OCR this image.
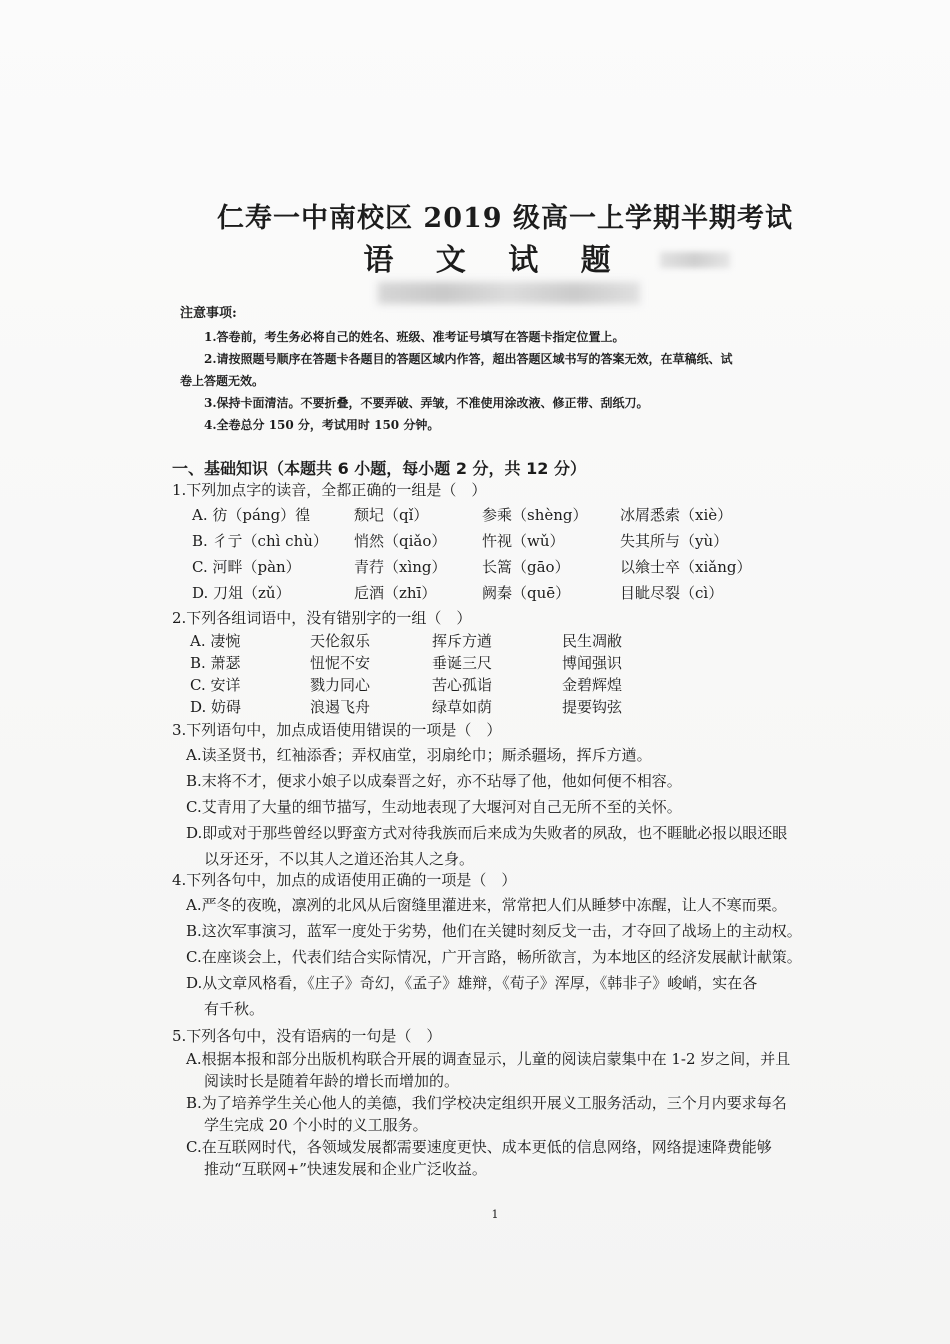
仁寿一中南校区 2019 级高一上学期半期考试
语 文 试 题
注意事项:
1.答卷前，考生务必将自己的姓名、班级、准考证号填写在答题卡指定位置上。
2.请按照题号顺序在答题卡各题目的答题区域内作答，超出答题区域书写的答案无效，在草稿纸、试
卷上答题无效。
3.保持卡面清洁。不要折叠，不要弄破、弄皱，不准使用涂改液、修正带、刮纸刀。
4.全卷总分 150 分，考试用时 150 分钟。
一、基础知识（本题共 6 小题，每小题 2 分，共 12 分）
1.下列加点字的读音，全都正确的一组是（　）
A. 彷（páng）徨	颓圮（qǐ）	参乘（shèng） 冰屑悉索（xiè）
B. 彳亍（chì chù） 悄然（qiǎo） 忤视（wǔ）	失其所与（yù）
C. 河畔（pàn）	青荇（xìng） 长篙（gāo）	以飨士卒（xiǎng）
D. 刀俎（zǔ）	卮酒（zhī）	阙秦（quē）	目眦尽裂（cì）
2.下列各组词语中，没有错别字的一组（　）
A. 凄惋	天伦叙乐	挥斥方遒	民生凋敝
B. 萧瑟	忸怩不安	垂诞三尺	博闻强识
C. 安详	戮力同心	苦心孤诣	金碧辉煌
D. 妨碍	浪遏飞舟	绿草如荫	提要钩弦
3.下列语句中，加点成语使用错误的一项是（　）
A.读圣贤书，红袖添香；弄权庙堂，羽扇纶巾；厮杀疆场，挥斥方遒。
B.末将不才，便求小娘子以成秦晋之好，亦不玷辱了他，他如何便不相容。
C.艾青用了大量的细节描写，生动地表现了大堰河对自己无所不至的关怀。
D.即或对于那些曾经以野蛮方式对待我族而后来成为失败者的夙敌，也不睚眦必报以眼还眼
以牙还牙，不以其人之道还治其人之身。
4.下列各句中，加点的成语使用正确的一项是（　）
A.严冬的夜晚，凛冽的北风从后窗缝里灌进来，常常把人们从睡梦中冻醒，让人不寒而栗。
B.这次军事演习，蓝军一度处于劣势，他们在关键时刻反戈一击，才夺回了战场上的主动权。
C.在座谈会上，代表们结合实际情况，广开言路，畅所欲言，为本地区的经济发展献计献策。
D.从文章风格看，《庄子》奇幻，《孟子》雄辩，《荀子》浑厚，《韩非子》峻峭，实在各
有千秋。
5.下列各句中，没有语病的一句是（　）
A.根据本报和部分出版机构联合开展的调查显示，儿童的阅读启蒙集中在 1-2 岁之间，并且
阅读时长是随着年龄的增长而增加的。
B.为了培养学生关心他人的美德，我们学校决定组织开展义工服务活动，三个月内要求每名
学生完成 20 个小时的义工服务。
C.在互联网时代，各领域发展都需要速度更快、成本更低的信息网络，网络提速降费能够
推动“互联网+”快速发展和企业广泛收益。
1
